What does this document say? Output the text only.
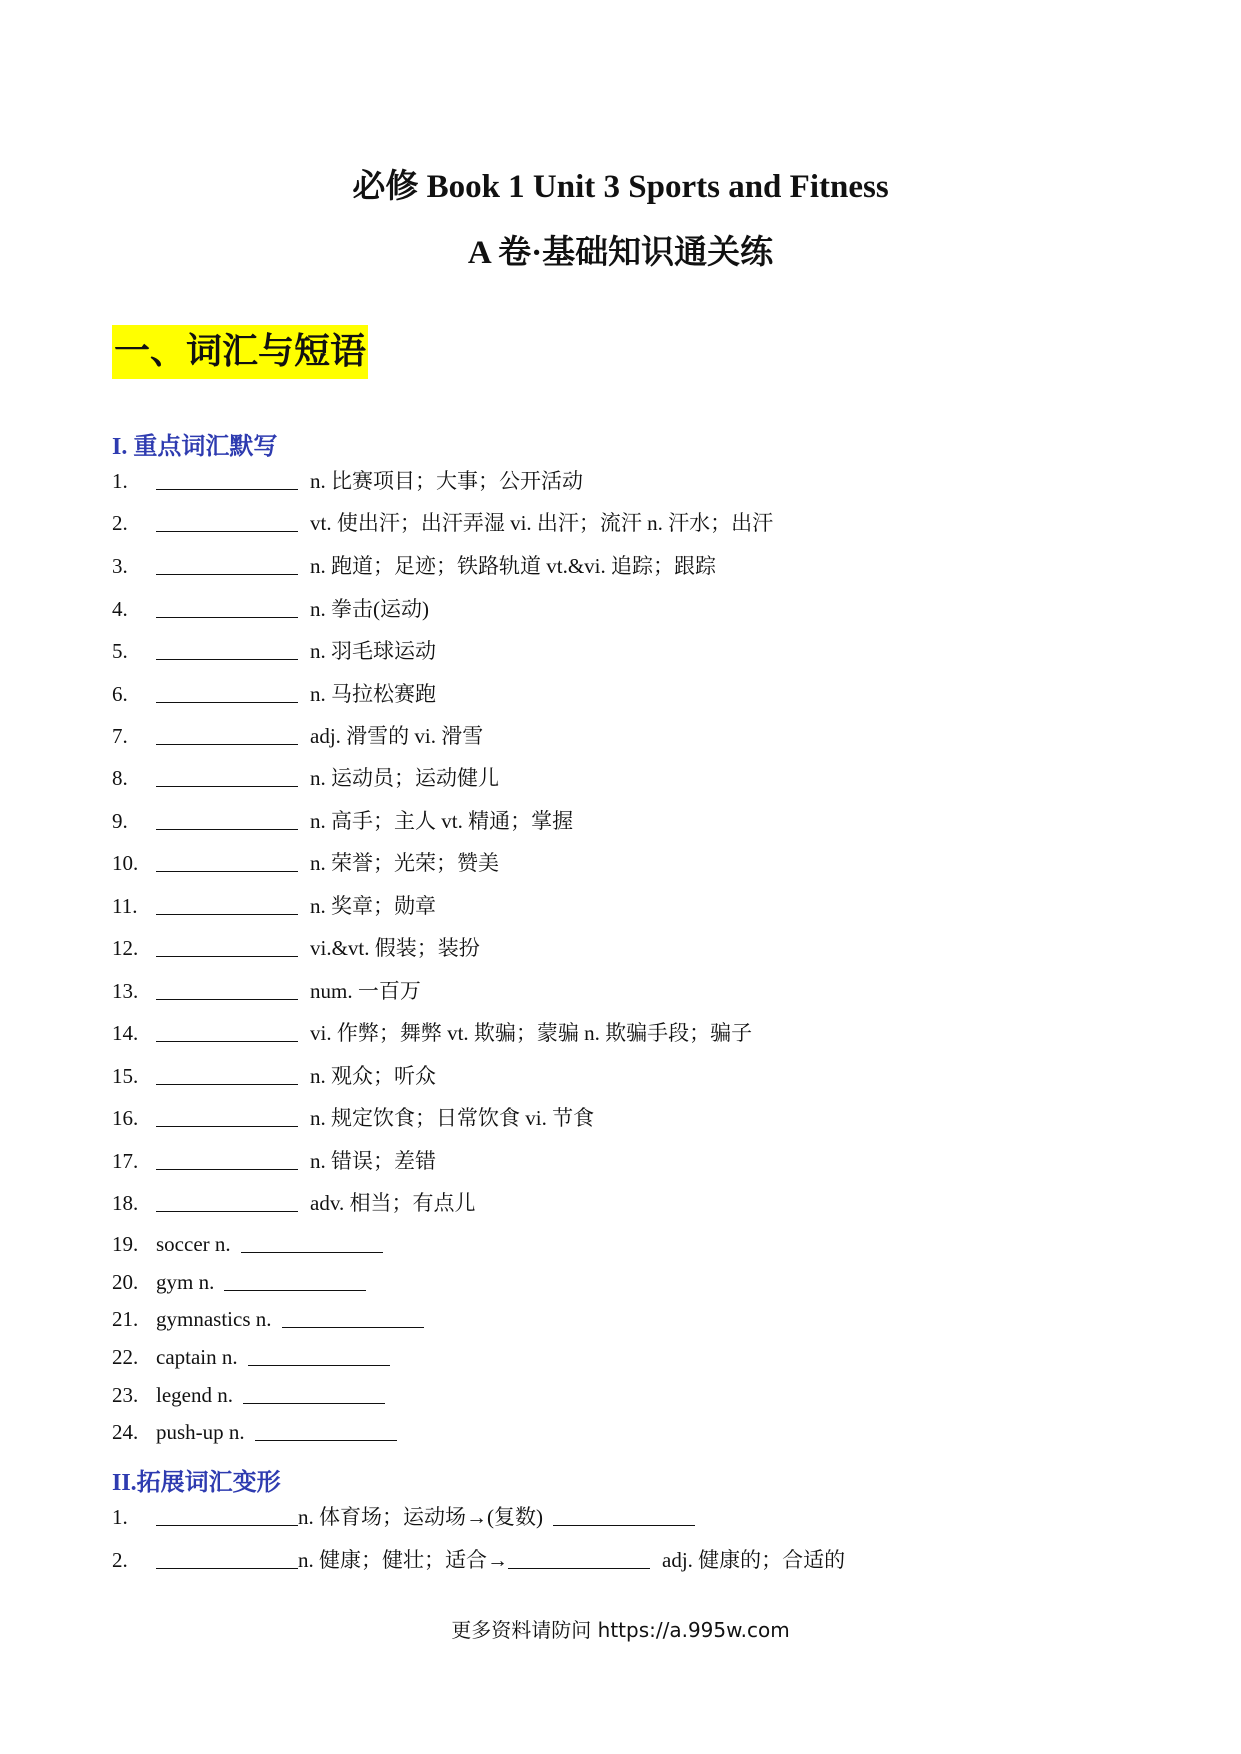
必修 Book 1 Unit 3 Sports and Fitness
A 卷·基础知识通关练
一、词汇与短语
I. 重点词汇默写
1.	n. 比赛项目；大事；公开活动
2.	vt. 使出汗；出汗弄湿 vi. 出汗；流汗 n. 汗水；出汗
3.	n. 跑道；足迹；铁路轨道 vt.&vi. 追踪；跟踪
4.	n. 拳击(运动)
5.	n. 羽毛球运动
6.	n. 马拉松赛跑
7.	adj. 滑雪的 vi. 滑雪
8.	n. 运动员；运动健儿
9.	n. 高手；主人 vt. 精通；掌握
10.	n. 荣誉；光荣；赞美
11.	n. 奖章；勋章
12.	vi.&vt. 假装；装扮
13.	num. 一百万
14.	vi. 作弊；舞弊 vt. 欺骗；蒙骗 n. 欺骗手段；骗子
15.	n. 观众；听众
16.	n. 规定饮食；日常饮食 vi. 节食
17.	n. 错误；差错
18.	adv. 相当；有点儿
19. soccer n.
20. gym n.
21. gymnastics n.
22. captain n.
23. legend n.
24. push-up n.
II.拓展词汇变形
1.	n. 体育场；运动场→(复数)
2.	n. 健康；健壮；适合→	adj. 健康的；合适的
更多资料请防问 https://a.995w.com
